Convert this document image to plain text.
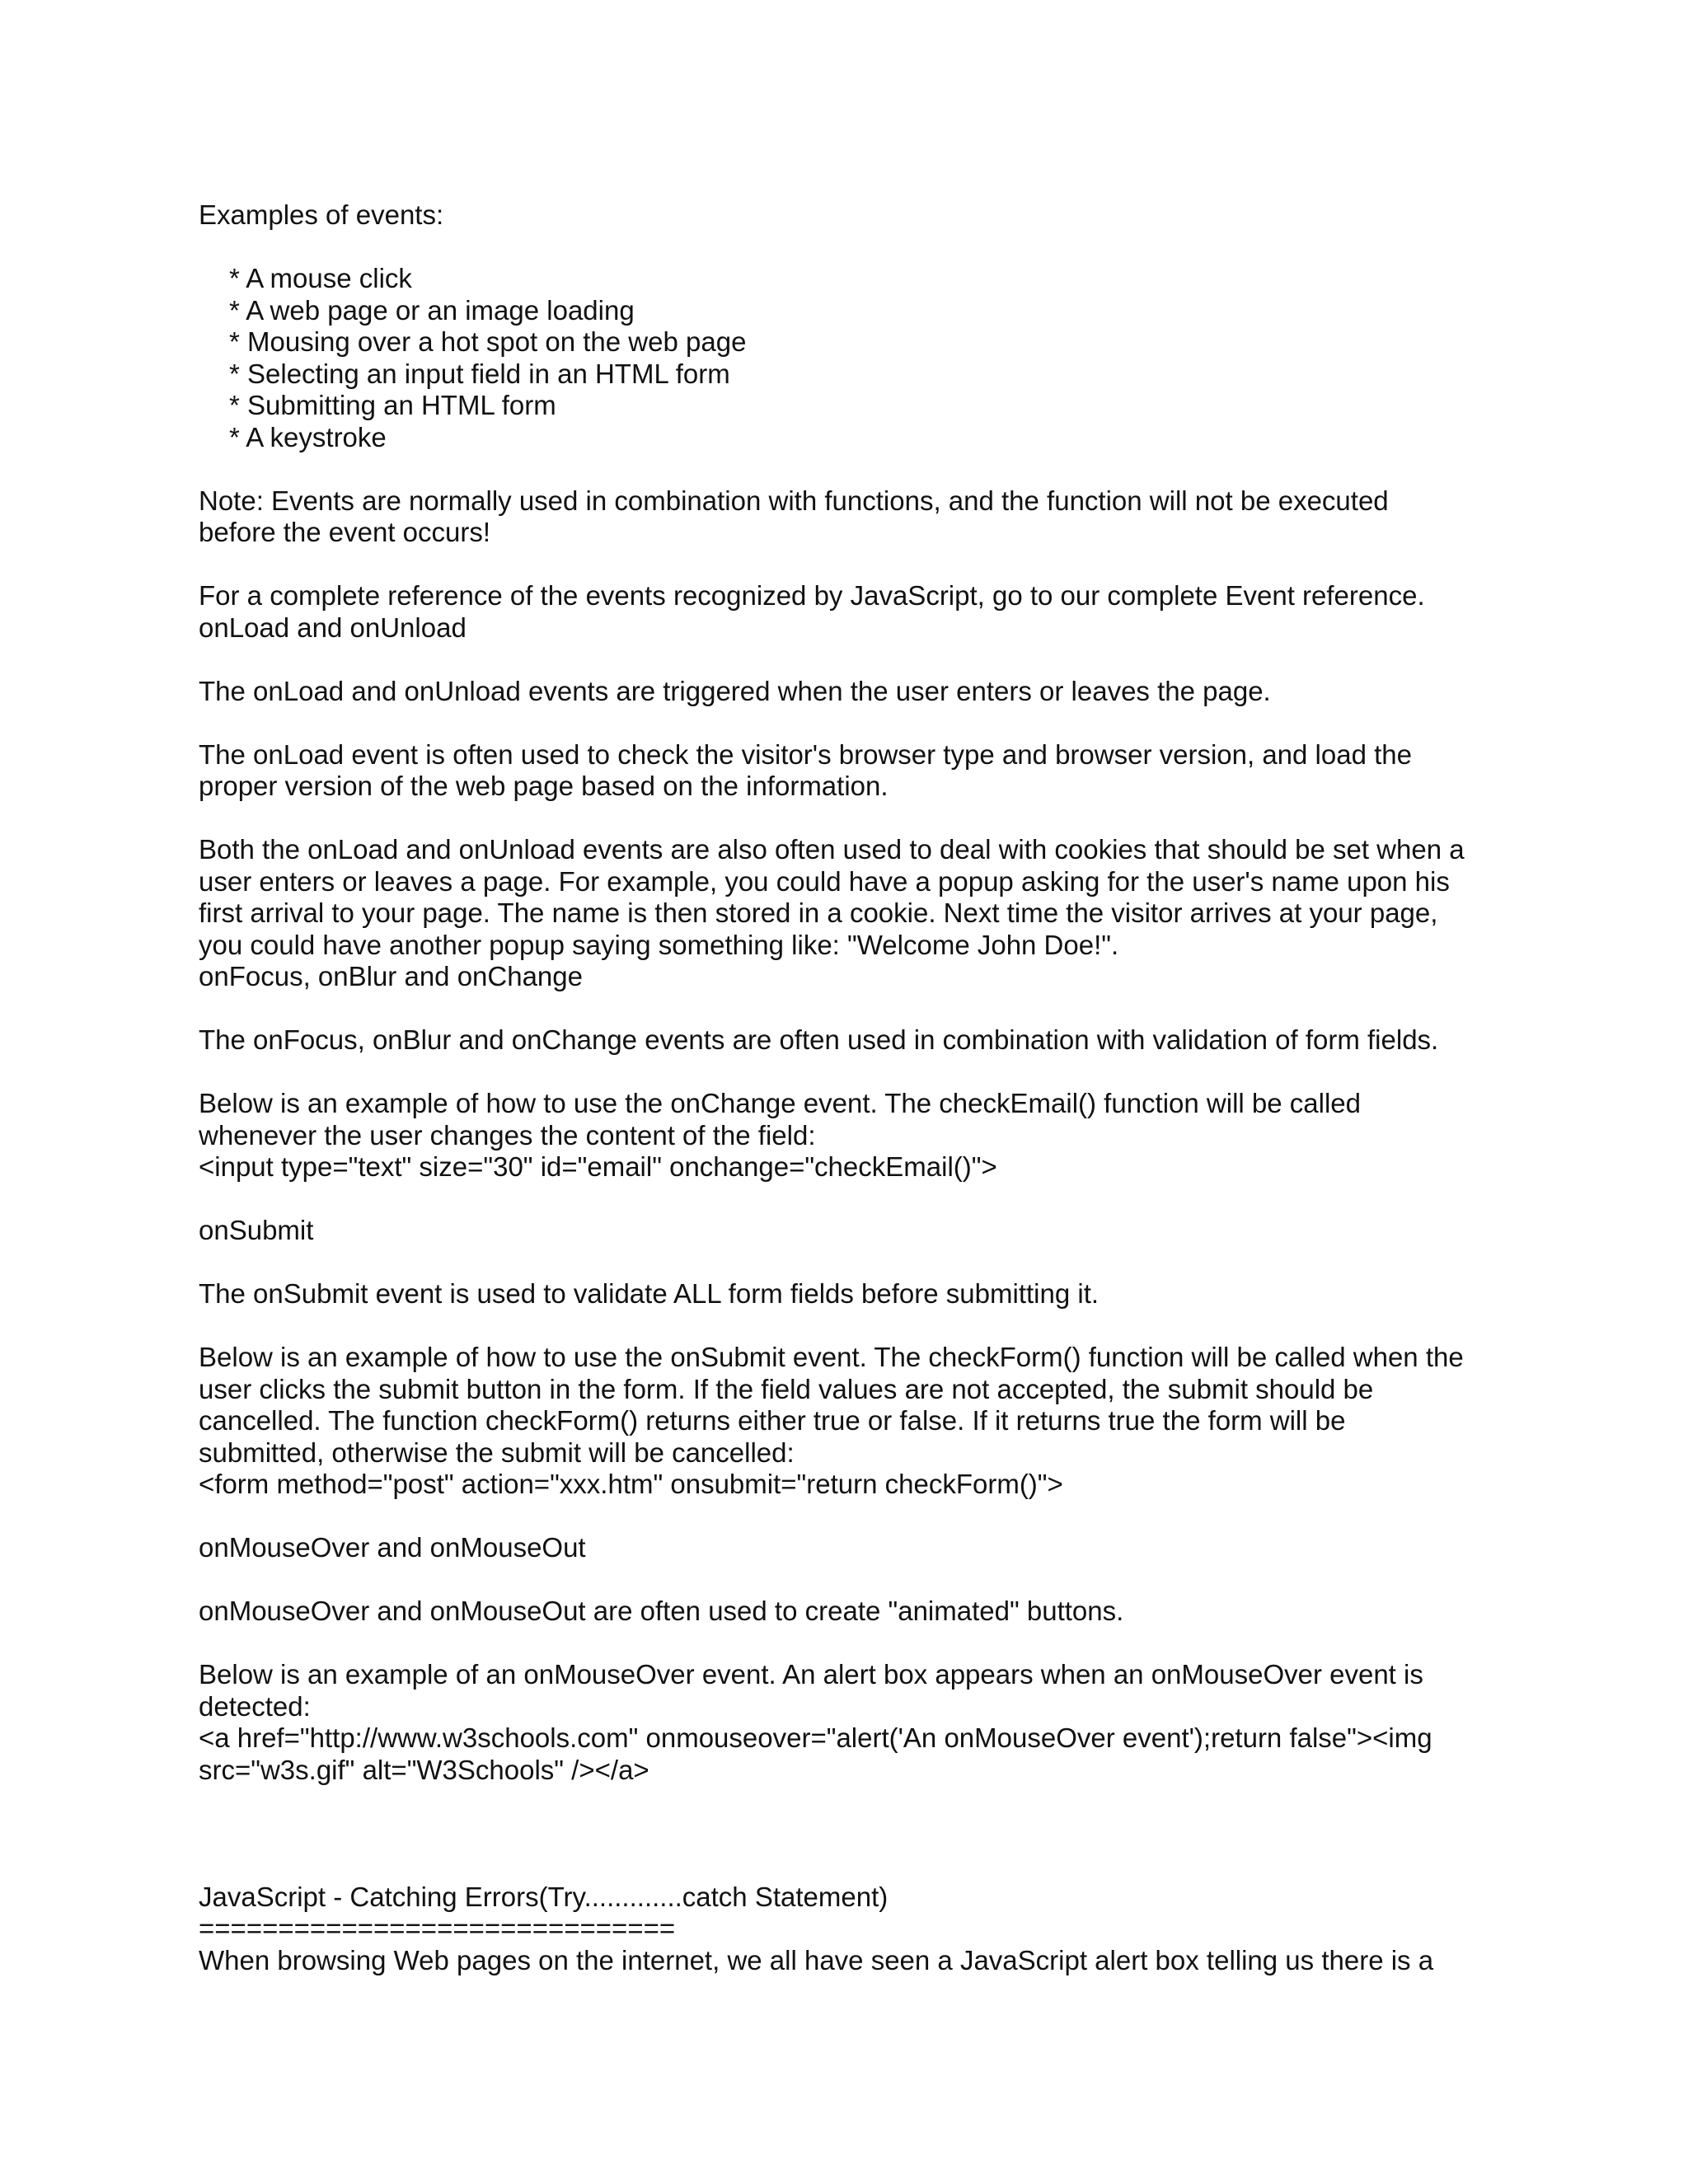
Examples of events:
* A mouse click
* A web page or an image loading
* Mousing over a hot spot on the web page
* Selecting an input field in an HTML form
* Submitting an HTML form
* A keystroke
Note: Events are normally used in combination with functions, and the function will not be executed
before the event occurs!
For a complete reference of the events recognized by JavaScript, go to our complete Event reference.
onLoad and onUnload
The onLoad and onUnload events are triggered when the user enters or leaves the page.
The onLoad event is often used to check the visitor's browser type and browser version, and load the
proper version of the web page based on the information.
Both the onLoad and onUnload events are also often used to deal with cookies that should be set when a
user enters or leaves a page. For example, you could have a popup asking for the user's name upon his
first arrival to your page. The name is then stored in a cookie. Next time the visitor arrives at your page,
you could have another popup saying something like: "Welcome John Doe!".
onFocus, onBlur and onChange
The onFocus, onBlur and onChange events are often used in combination with validation of form fields.
Below is an example of how to use the onChange event. The checkEmail() function will be called
whenever the user changes the content of the field:
<input type="text" size="30" id="email" onchange="checkEmail()">
onSubmit
The onSubmit event is used to validate ALL form fields before submitting it.
Below is an example of how to use the onSubmit event. The checkForm() function will be called when the
user clicks the submit button in the form. If the field values are not accepted, the submit should be
cancelled. The function checkForm() returns either true or false. If it returns true the form will be
submitted, otherwise the submit will be cancelled:
<form method="post" action="xxx.htm" onsubmit="return checkForm()">
onMouseOver and onMouseOut
onMouseOver and onMouseOut are often used to create "animated" buttons.
Below is an example of an onMouseOver event. An alert box appears when an onMouseOver event is
detected:
<a href="http://www.w3schools.com" onmouseover="alert('An onMouseOver event');return false"><img
src="w3s.gif" alt="W3Schools" /></a>
JavaScript - Catching Errors(Try.............catch Statement)
==============================
When browsing Web pages on the internet, we all have seen a JavaScript alert box telling us there is a
